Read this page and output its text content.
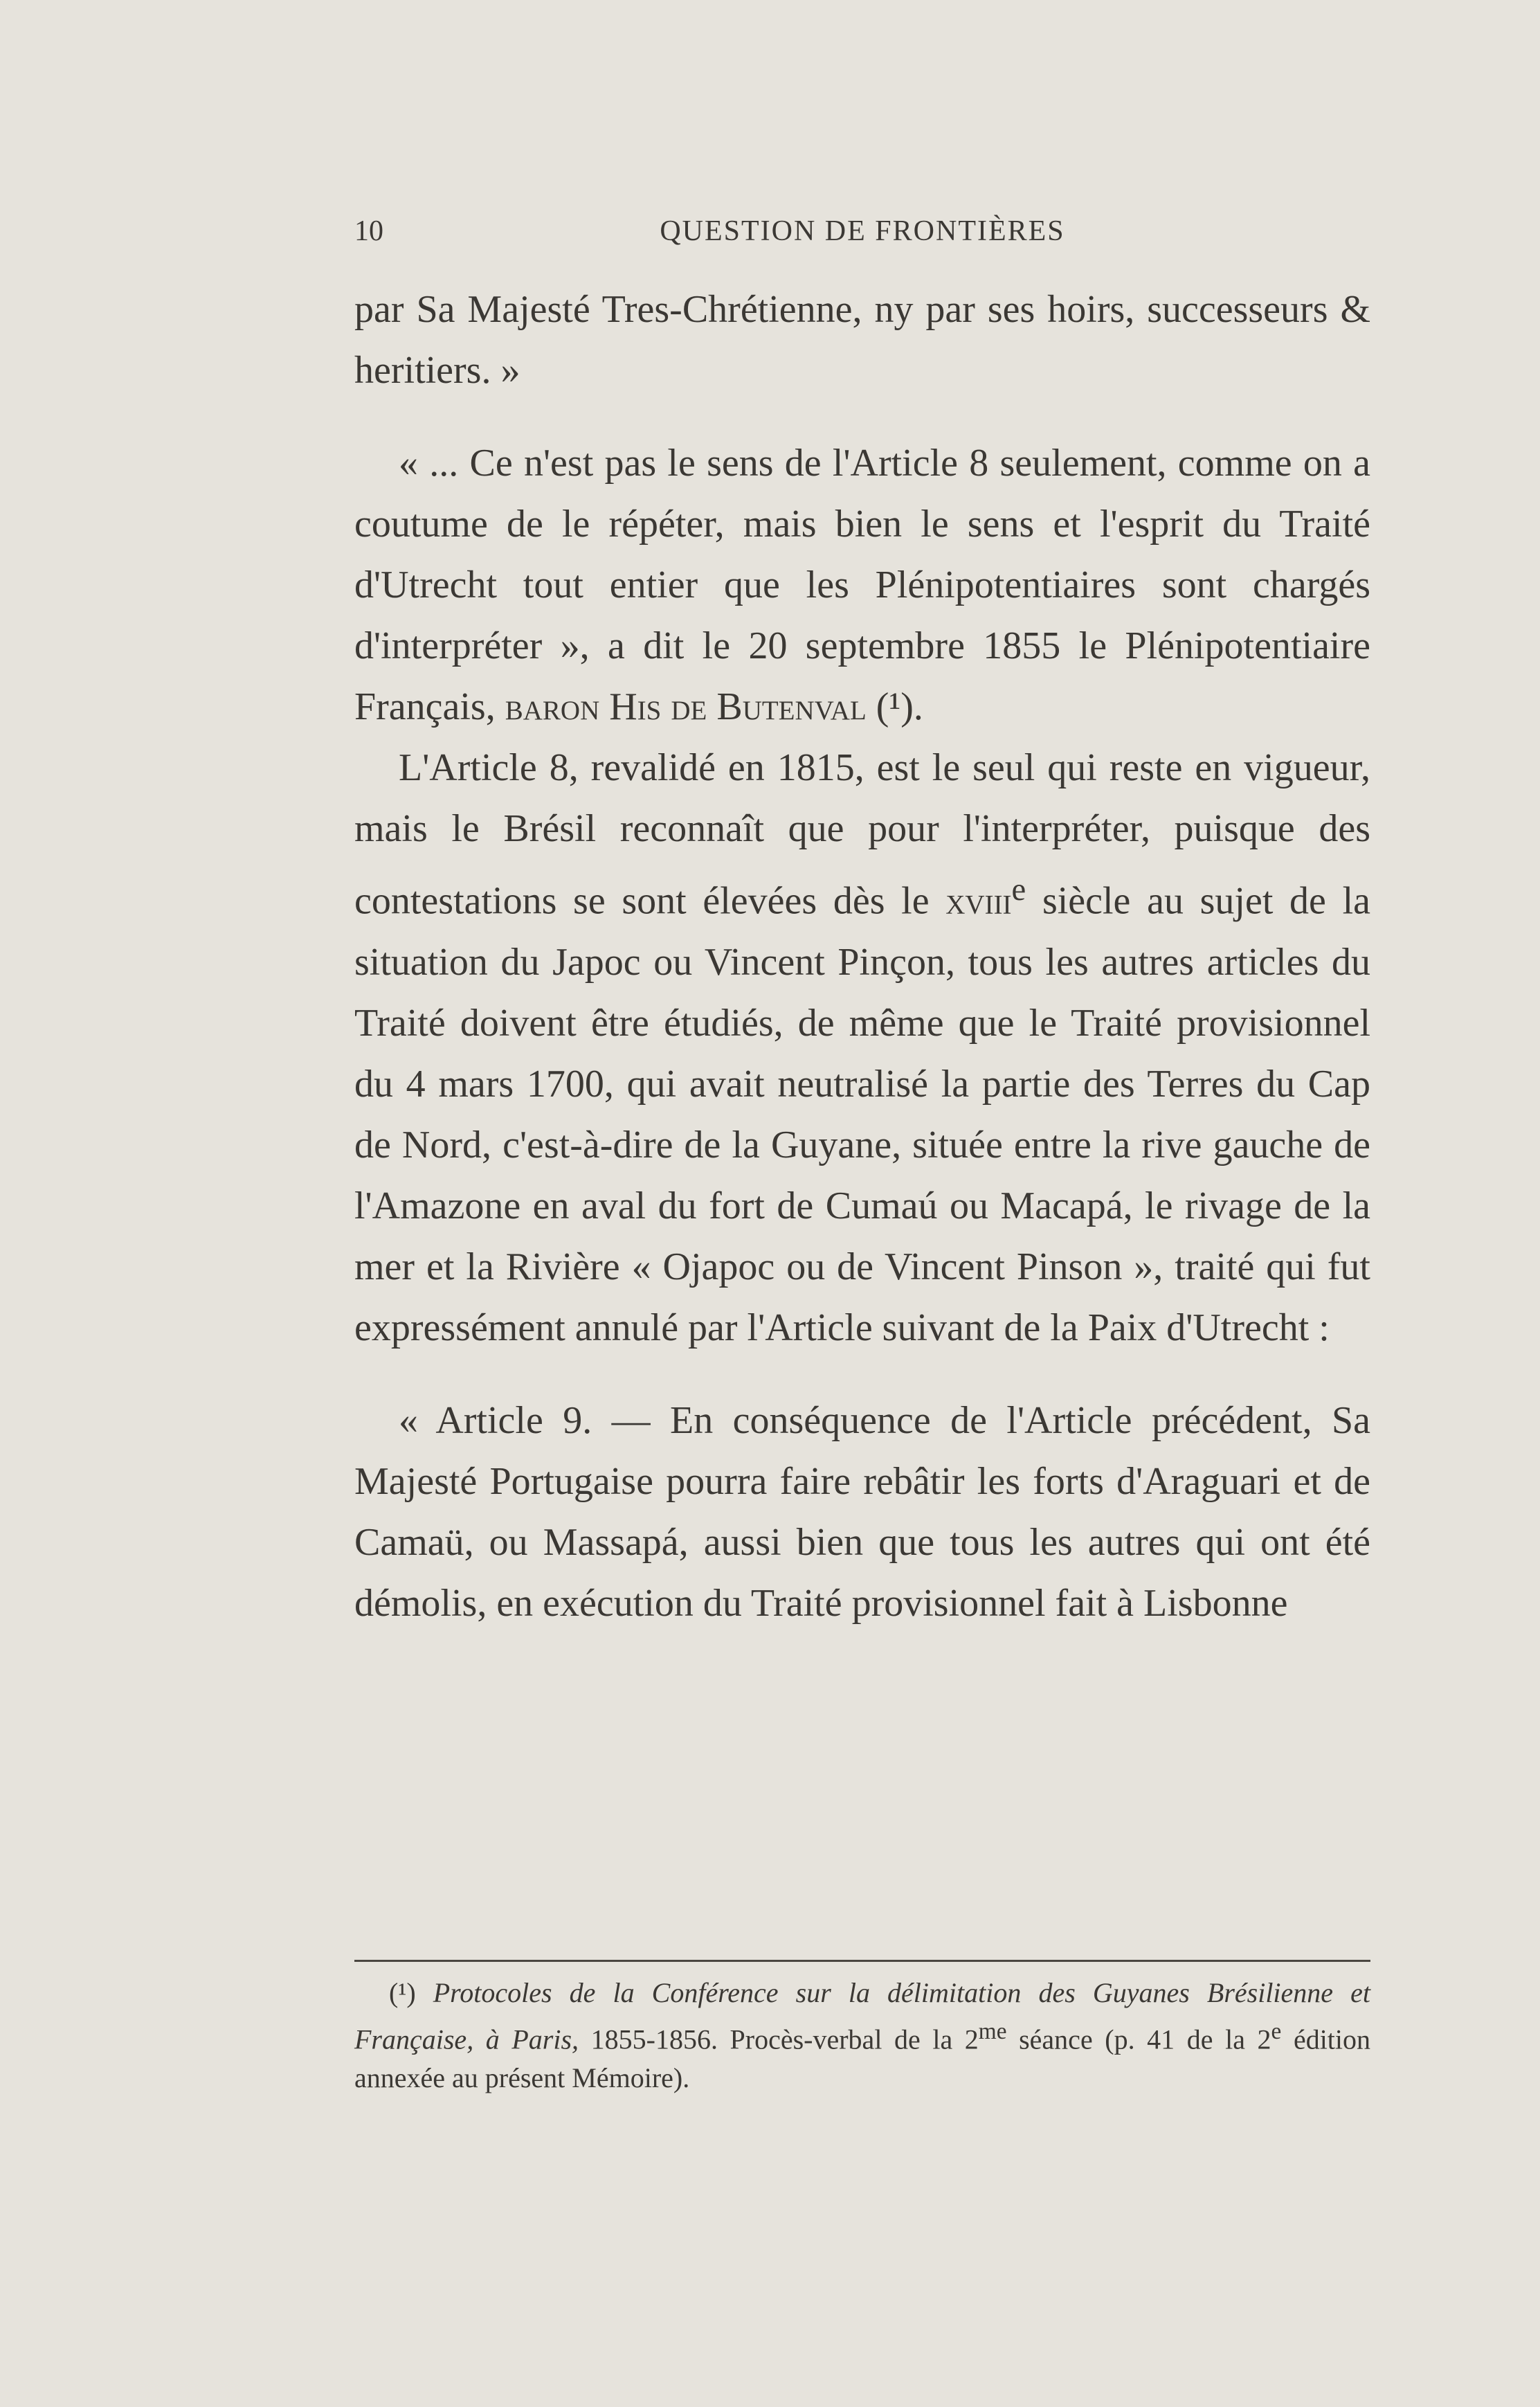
10	QUESTION DE FRONTIÈRES

par Sa Majesté Tres-Chrétienne, ny par ses hoirs, successeurs & heritiers. »

« ... Ce n'est pas le sens de l'Article 8 seulement, comme on a coutume de le répéter, mais bien le sens et l'esprit du Traité d'Utrecht tout entier que les Plénipotentiaires sont chargés d'interpréter », a dit le 20 septembre 1855 le Plénipotentiaire Français, baron His de Butenval (¹).

L'Article 8, revalidé en 1815, est le seul qui reste en vigueur, mais le Brésil reconnaît que pour l'interpréter, puisque des contestations se sont élevées dès le xviii$^e$ siècle au sujet de la situation du Japoc ou Vincent Pinçon, tous les autres articles du Traité doivent être étudiés, de même que le Traité provisionnel du 4 mars 1700, qui avait neutralisé la partie des Terres du Cap de Nord, c'est-à-dire de la Guyane, située entre la rive gauche de l'Amazone en aval du fort de Cumaú ou Macapá, le rivage de la mer et la Rivière « Ojapoc ou de Vincent Pinson », traité qui fut expressément annulé par l'Article suivant de la Paix d'Utrecht :

« Article 9. — En conséquence de l'Article précédent, Sa Majesté Portugaise pourra faire rebâtir les forts d'Araguari et de Camaü, ou Massapá, aussi bien que tous les autres qui ont été démolis, en exécution du Traité provisionnel fait à Lisbonne

(¹) Protocoles de la Conférence sur la délimitation des Guyanes Brésilienne et Française, à Paris, 1855-1856. Procès-verbal de la $2^{me}$ séance (p. 41 de la 2e édition annexée au présent Mémoire).
